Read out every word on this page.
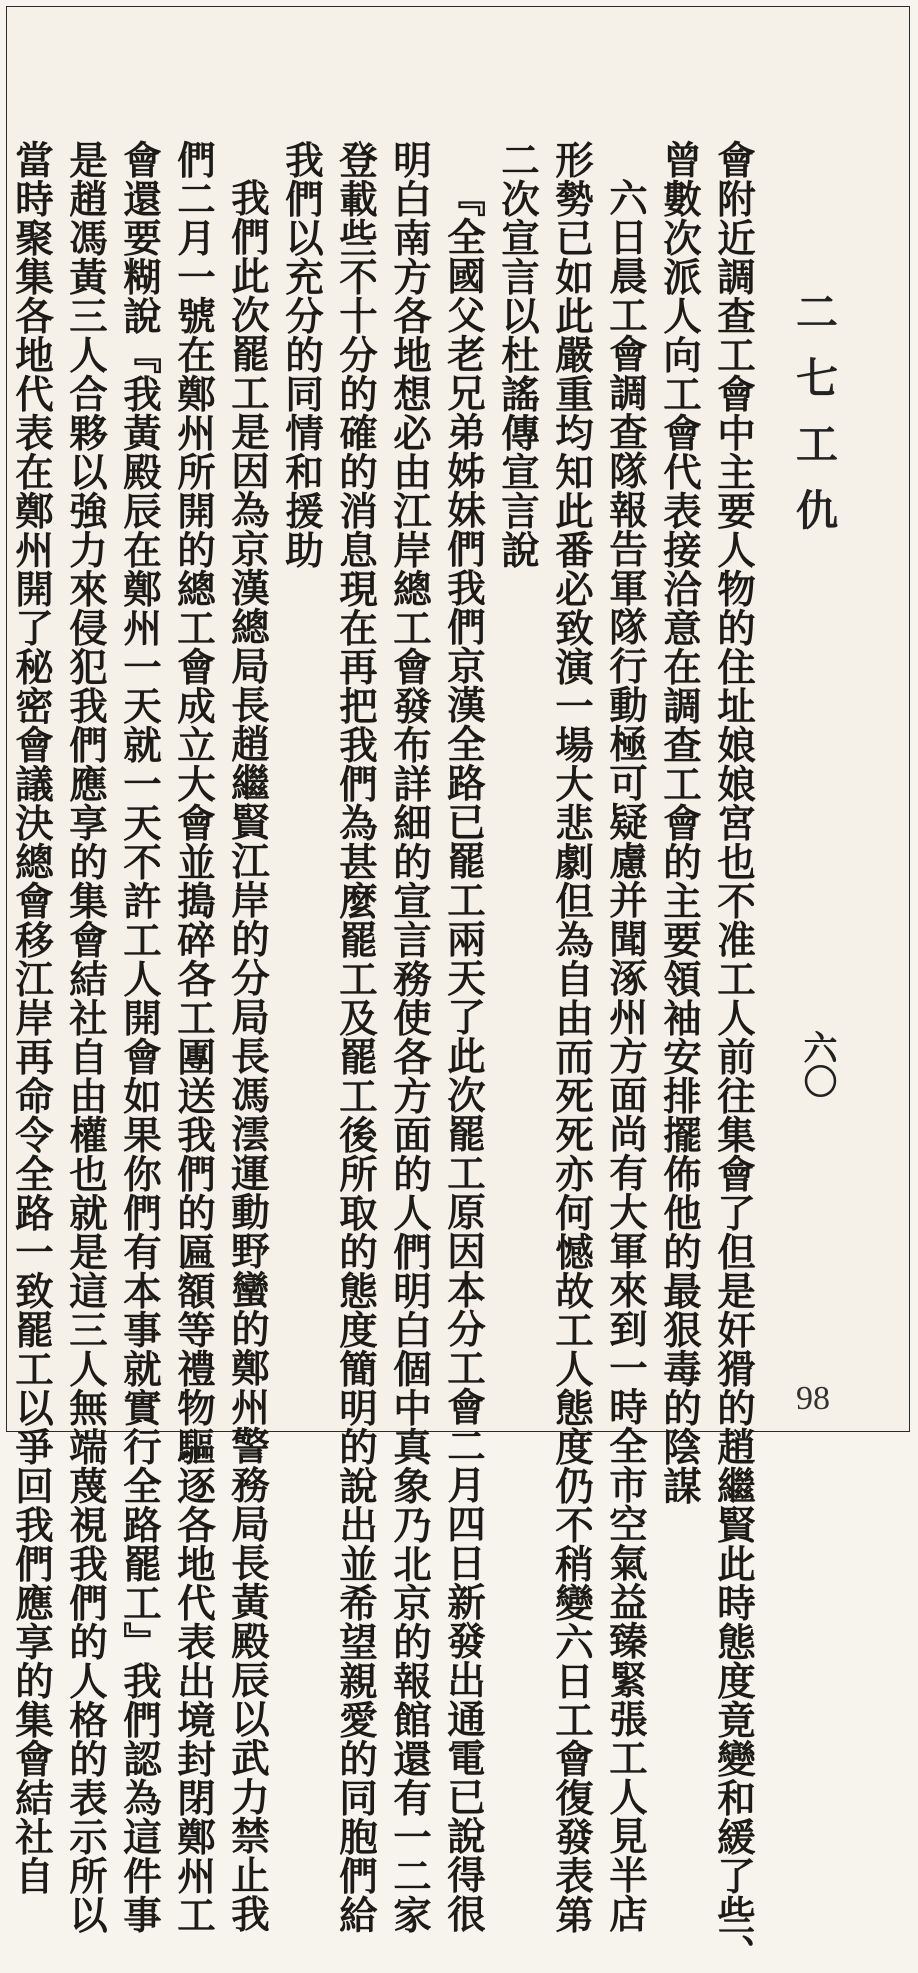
二七工仇
六〇
會附近調查工會中主要人物的住址娘娘宮也不准工人前往集會了但是奸猾的趙繼賢此時態度竟變和緩了些、
曾數次派人向工會代表接洽意在調查工會的主要領袖安排擺佈他的最狠毒的陰謀
六日晨工會調查隊報告軍隊行動極可疑慮并聞涿州方面尚有大軍來到一時全市空氣益臻緊張工人見半店
形勢已如此嚴重均知此番必致演一場大悲劇但為自由而死死亦何憾故工人態度仍不稍變六日工會復發表第
二次宣言以杜謠傳宣言說
『全國父老兄弟姊妹們我們京漢全路已罷工兩天了此次罷工原因本分工會二月四日新發出通電已說得很
明白南方各地想必由江岸總工會發布詳細的宣言務使各方面的人們明白個中真象乃北京的報館還有一二家
登載些不十分的確的消息現在再把我們為甚麼罷工及罷工後所取的態度簡明的說出並希望親愛的同胞們給
我們以充分的同情和援助
我們此次罷工是因為京漢總局長趙繼賢江岸的分局長馮澐運動野蠻的鄭州警務局長黃殿辰以武力禁止我
們二月一號在鄭州所開的總工會成立大會並搗碎各工團送我們的匾額等禮物驅逐各地代表出境封閉鄭州工
會還要糊說『我黃殿辰在鄭州一天就一天不許工人開會如果你們有本事就實行全路罷工』我們認為這件事
是趙馮黃三人合夥以強力來侵犯我們應享的集會結社自由權也就是這三人無端蔑視我們的人格的表示所以
當時聚集各地代表在鄭州開了秘密會議決總會移江岸再命令全路一致罷工以爭回我們應享的集會結社自	98
